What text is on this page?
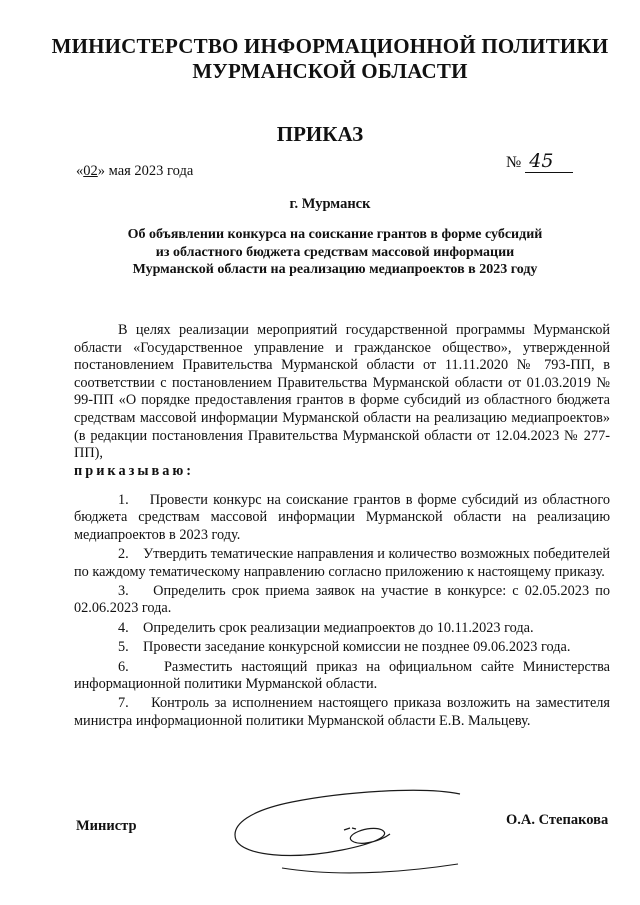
МИНИСТЕРСТВО ИНФОРМАЦИОННОЙ ПОЛИТИКИ
МУРМАНСКОЙ ОБЛАСТИ
ПРИКАЗ
«02» мая 2023 года	№ 45
г. Мурманск
Об объявлении конкурса на соискание грантов в форме субсидий
из областного бюджета средствам массовой информации
Мурманской области на реализацию медиапроектов в 2023 году

В целях реализации мероприятий государственной программы Мурманской области «Государственное управление и гражданское общество», утвержденной постановлением Правительства Мурманской области от 11.11.2020 № 793-ПП, в соответствии с постановлением Правительства Мурманской области от 01.03.2019 № 99-ПП «О порядке предоставления грантов в форме субсидий из областного бюджета средствам массовой информации Мурманской области на реализацию медиапроектов» (в редакции постановления Правительства Мурманской области от 12.04.2023 № 277-ПП),
приказываю:

1. Провести конкурс на соискание грантов в форме субсидий из областного бюджета средствам массовой информации Мурманской области на реализацию медиапроектов в 2023 году.

2. Утвердить тематические направления и количество возможных победителей по каждому тематическому направлению согласно приложению к настоящему приказу.

3. Определить срок приема заявок на участие в конкурсе: с 02.05.2023 по 02.06.2023 года.

4. Определить срок реализации медиапроектов до 10.11.2023 года.

5. Провести заседание конкурсной комиссии не позднее 09.06.2023 года.

6. Разместить настоящий приказ на официальном сайте Министерства информационной политики Мурманской области.

7. Контроль за исполнением настоящего приказа возложить на заместителя министра информационной политики Мурманской области Е.В. Мальцеву.

Министр	О.А. Степакова
